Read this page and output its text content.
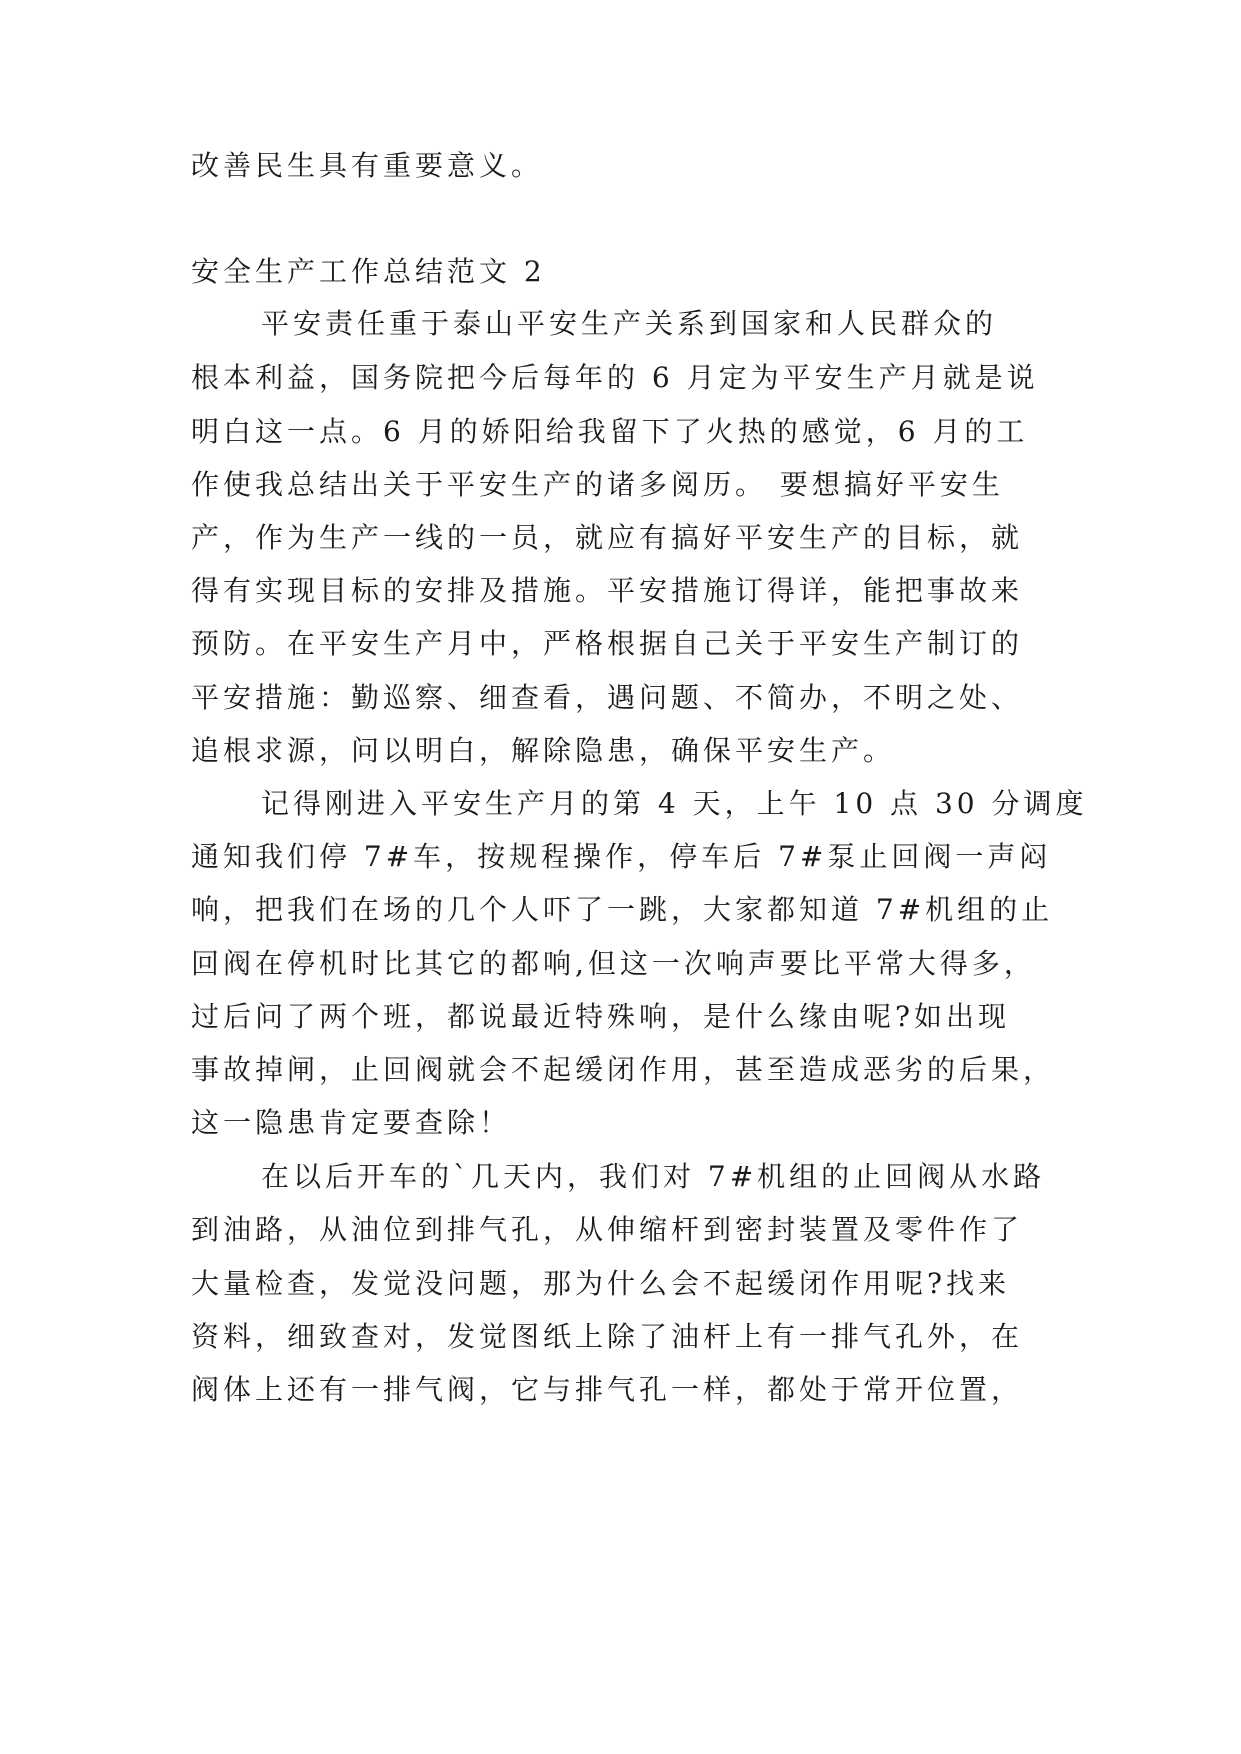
改善民生具有重要意义。
安全生产工作总结范文 2
平安责任重于泰山平安生产关系到国家和人民群众的
根本利益，国务院把今后每年的 6 月定为平安生产月就是说
明白这一点。6 月的娇阳给我留下了火热的感觉，6 月的工
作使我总结出关于平安生产的诸多阅历。 要想搞好平安生
产，作为生产一线的一员，就应有搞好平安生产的目标，就
得有实现目标的安排及措施。平安措施订得详，能把事故来
预防。在平安生产月中，严格根据自己关于平安生产制订的
平安措施：勤巡察、细查看，遇问题、不简办，不明之处、
追根求源，问以明白，解除隐患，确保平安生产。
记得刚进入平安生产月的第 4 天，上午 10 点 30 分调度
通知我们停 7#车，按规程操作，停车后 7#泵止回阀一声闷
响，把我们在场的几个人吓了一跳，大家都知道 7#机组的止
回阀在停机时比其它的都响,但这一次响声要比平常大得多，
过后问了两个班，都说最近特殊响，是什么缘由呢?如出现
事故掉闸，止回阀就会不起缓闭作用，甚至造成恶劣的后果，
这一隐患肯定要查除！
在以后开车的`几天内，我们对 7#机组的止回阀从水路
到油路，从油位到排气孔，从伸缩杆到密封装置及零件作了
大量检查，发觉没问题，那为什么会不起缓闭作用呢?找来
资料，细致查对，发觉图纸上除了油杆上有一排气孔外，在
阀体上还有一排气阀，它与排气孔一样，都处于常开位置，
